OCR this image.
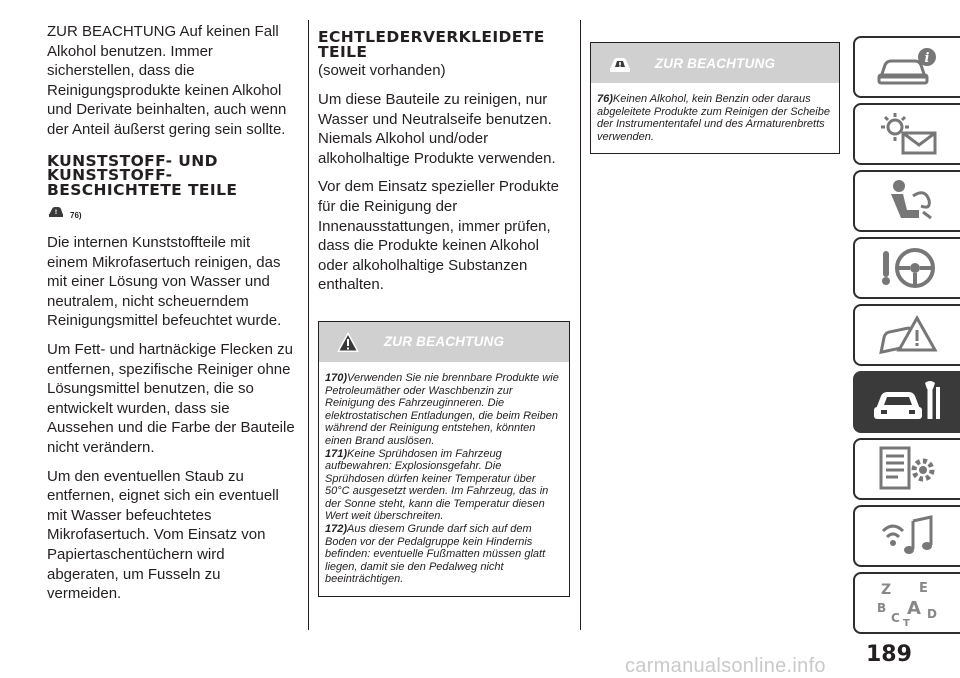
ZUR BEACHTUNG Auf keinen Fall Alkohol benutzen. Immer sicherstellen, dass die Reinigungsprodukte keinen Alkohol und Derivate beinhalten, auch wenn der Anteil äußerst gering sein sollte.

KUNSTSTOFF- UND KUNSTSTOFF-BESCHICHTETE TEILE
! 76)

Die internen Kunststoffteile mit einem Mikrofasertuch reinigen, das mit einer Lösung von Wasser und neutralem, nicht scheuerndem Reinigungsmittel befeuchtet wurde.

Um Fett- und hartnäckige Flecken zu entfernen, spezifische Reiniger ohne Lösungsmittel benutzen, die so entwickelt wurden, dass sie Aussehen und die Farbe der Bauteile nicht verändern.

Um den eventuellen Staub zu entfernen, eignet sich ein eventuell mit Wasser befeuchtetes Mikrofasertuch. Vom Einsatz von Papiertaschentüchern wird abgeraten, um Fusseln zu vermeiden.

ECHTLEDERVERKLEIDETE TEILE
(soweit vorhanden)

Um diese Bauteile zu reinigen, nur Wasser und Neutralseife benutzen. Niemals Alkohol und/oder alkoholhaltige Produkte verwenden.

Vor dem Einsatz spezieller Produkte für die Reinigung der Innenausstattungen, immer prüfen, dass die Produkte keinen Alkohol oder alkoholhaltige Substanzen enthalten.

ZUR BEACHTUNG

170)Verwenden Sie nie brennbare Produkte wie Petroleumäther oder Waschbenzin zur Reinigung des Fahrzeuginneren. Die elektrostatischen Entladungen, die beim Reiben während der Reinigung entstehen, könnten einen Brand auslösen.

171)Keine Sprühdosen im Fahrzeug aufbewahren: Explosionsgefahr. Die Sprühdosen dürfen keiner Temperatur über 50°C ausgesetzt werden. Im Fahrzeug, das in der Sonne steht, kann die Temperatur diesen Wert weit überschreiten.

172)Aus diesem Grunde darf sich auf dem Boden vor der Pedalgruppe kein Hindernis befinden: eventuelle Fußmatten müssen glatt liegen, damit sie den Pedalweg nicht beeinträchtigen.

ZUR BEACHTUNG

76)Keinen Alkohol, kein Benzin oder daraus abgeleitete Produkte zum Reinigen der Scheibe der Instrumententafel und des Armaturenbretts verwenden.

i
Z E
B A D
C T
189
carmanualsonline.info
